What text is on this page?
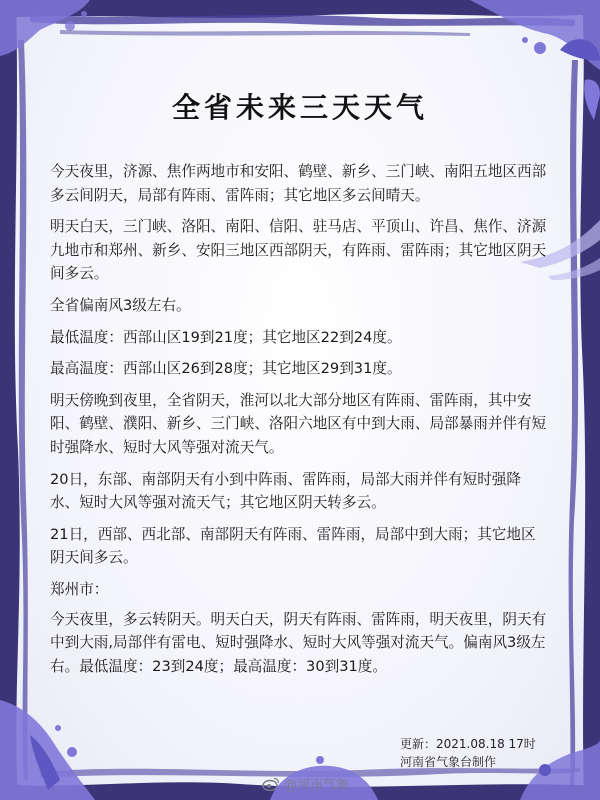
全省未来三天天气

今天夜里，济源、焦作两地市和安阳、鹤壁、新乡、三门峡、南阳五地区西部多云间阴天，局部有阵雨、雷阵雨；其它地区多云间晴天。

明天白天，三门峡、洛阳、南阳、信阳、驻马店、平顶山、许昌、焦作、济源九地市和郑州、新乡、安阳三地区西部阴天，有阵雨、雷阵雨；其它地区阴天间多云。

全省偏南风3级左右。

最低温度：西部山区19到21度；其它地区22到24度。

最高温度：西部山区26到28度；其它地区29到31度。

明天傍晚到夜里，全省阴天，淮河以北大部分地区有阵雨、雷阵雨，其中安阳、鹤壁、濮阳、新乡、三门峡、洛阳六地区有中到大雨、局部暴雨并伴有短时强降水、短时大风等强对流天气。

20日，东部、南部阴天有小到中阵雨、雷阵雨，局部大雨并伴有短时强降水、短时大风等强对流天气；其它地区阴天转多云。

21日，西部、西北部、南部阴天有阵雨、雷阵雨，局部中到大雨；其它地区阴天间多云。

郑州市：

今天夜里，多云转阴天。明天白天，阴天有阵雨、雷阵雨，明天夜里，阴天有中到大雨,局部伴有雷电、短时强降水、短时大风等强对流天气。偏南风3级左右。最低温度：23到24度；最高温度：30到31度。

更新：2021.08.18 17时
河南省气象台制作
@河南气象
